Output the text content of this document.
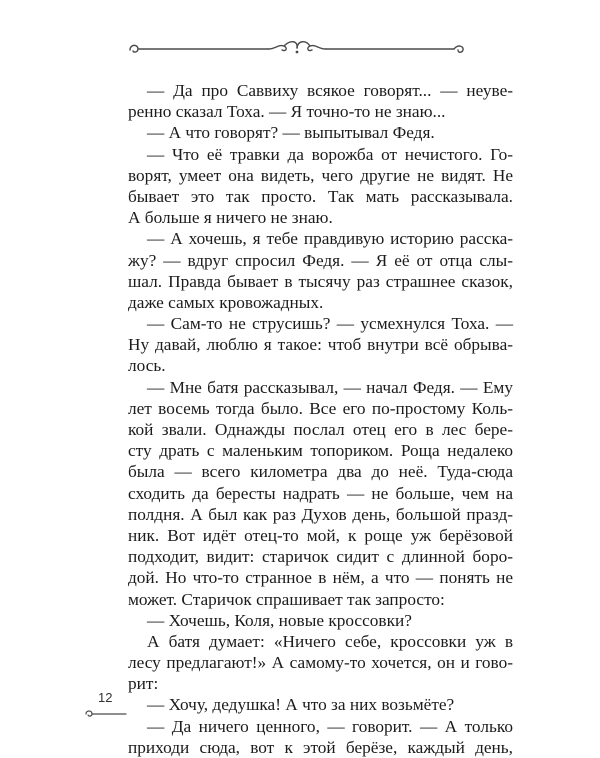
— Да про Саввиху всякое говорят... — неуве-
ренно сказал Тоха. — Я точно-то не знаю...
— А что говорят? — выпытывал Федя.
— Что её травки да ворожба от нечистого. Го-
ворят, умеет она видеть, чего другие не видят. Не
бывает это так просто. Так мать рассказывала.
А больше я ничего не знаю.
— А хочешь, я тебе правдивую историю расска-
жу? — вдруг спросил Федя. — Я её от отца слы-
шал. Правда бывает в тысячу раз страшнее сказок,
даже самых кровожадных.
— Сам-то не струсишь? — усмехнулся Тоха. —
Ну давай, люблю я такое: чтоб внутри всё обрыва-
лось.
— Мне батя рассказывал, — начал Федя. — Ему
лет восемь тогда было. Все его по-простому Коль-
кой звали. Однажды послал отец его в лес бере-
сту драть с маленьким топориком. Роща недалеко
была — всего километра два до неё. Туда-сюда
сходить да бересты надрать — не больше, чем на
полдня. А был как раз Духов день, большой празд-
ник. Вот идёт отец-то мой, к роще уж берёзовой
подходит, видит: старичок сидит с длинной боро-
дой. Но что-то странное в нём, а что — понять не
может. Старичок спрашивает так запросто:
— Хочешь, Коля, новые кроссовки?
А батя думает: «Ничего себе, кроссовки уж в
лесу предлагают!» А самому-то хочется, он и гово-
рит:
— Хочу, дедушка! А что за них возьмёте?
— Да ничего ценного, — говорит. — А только
приходи сюда, вот к этой берёзе, каждый день,
12
